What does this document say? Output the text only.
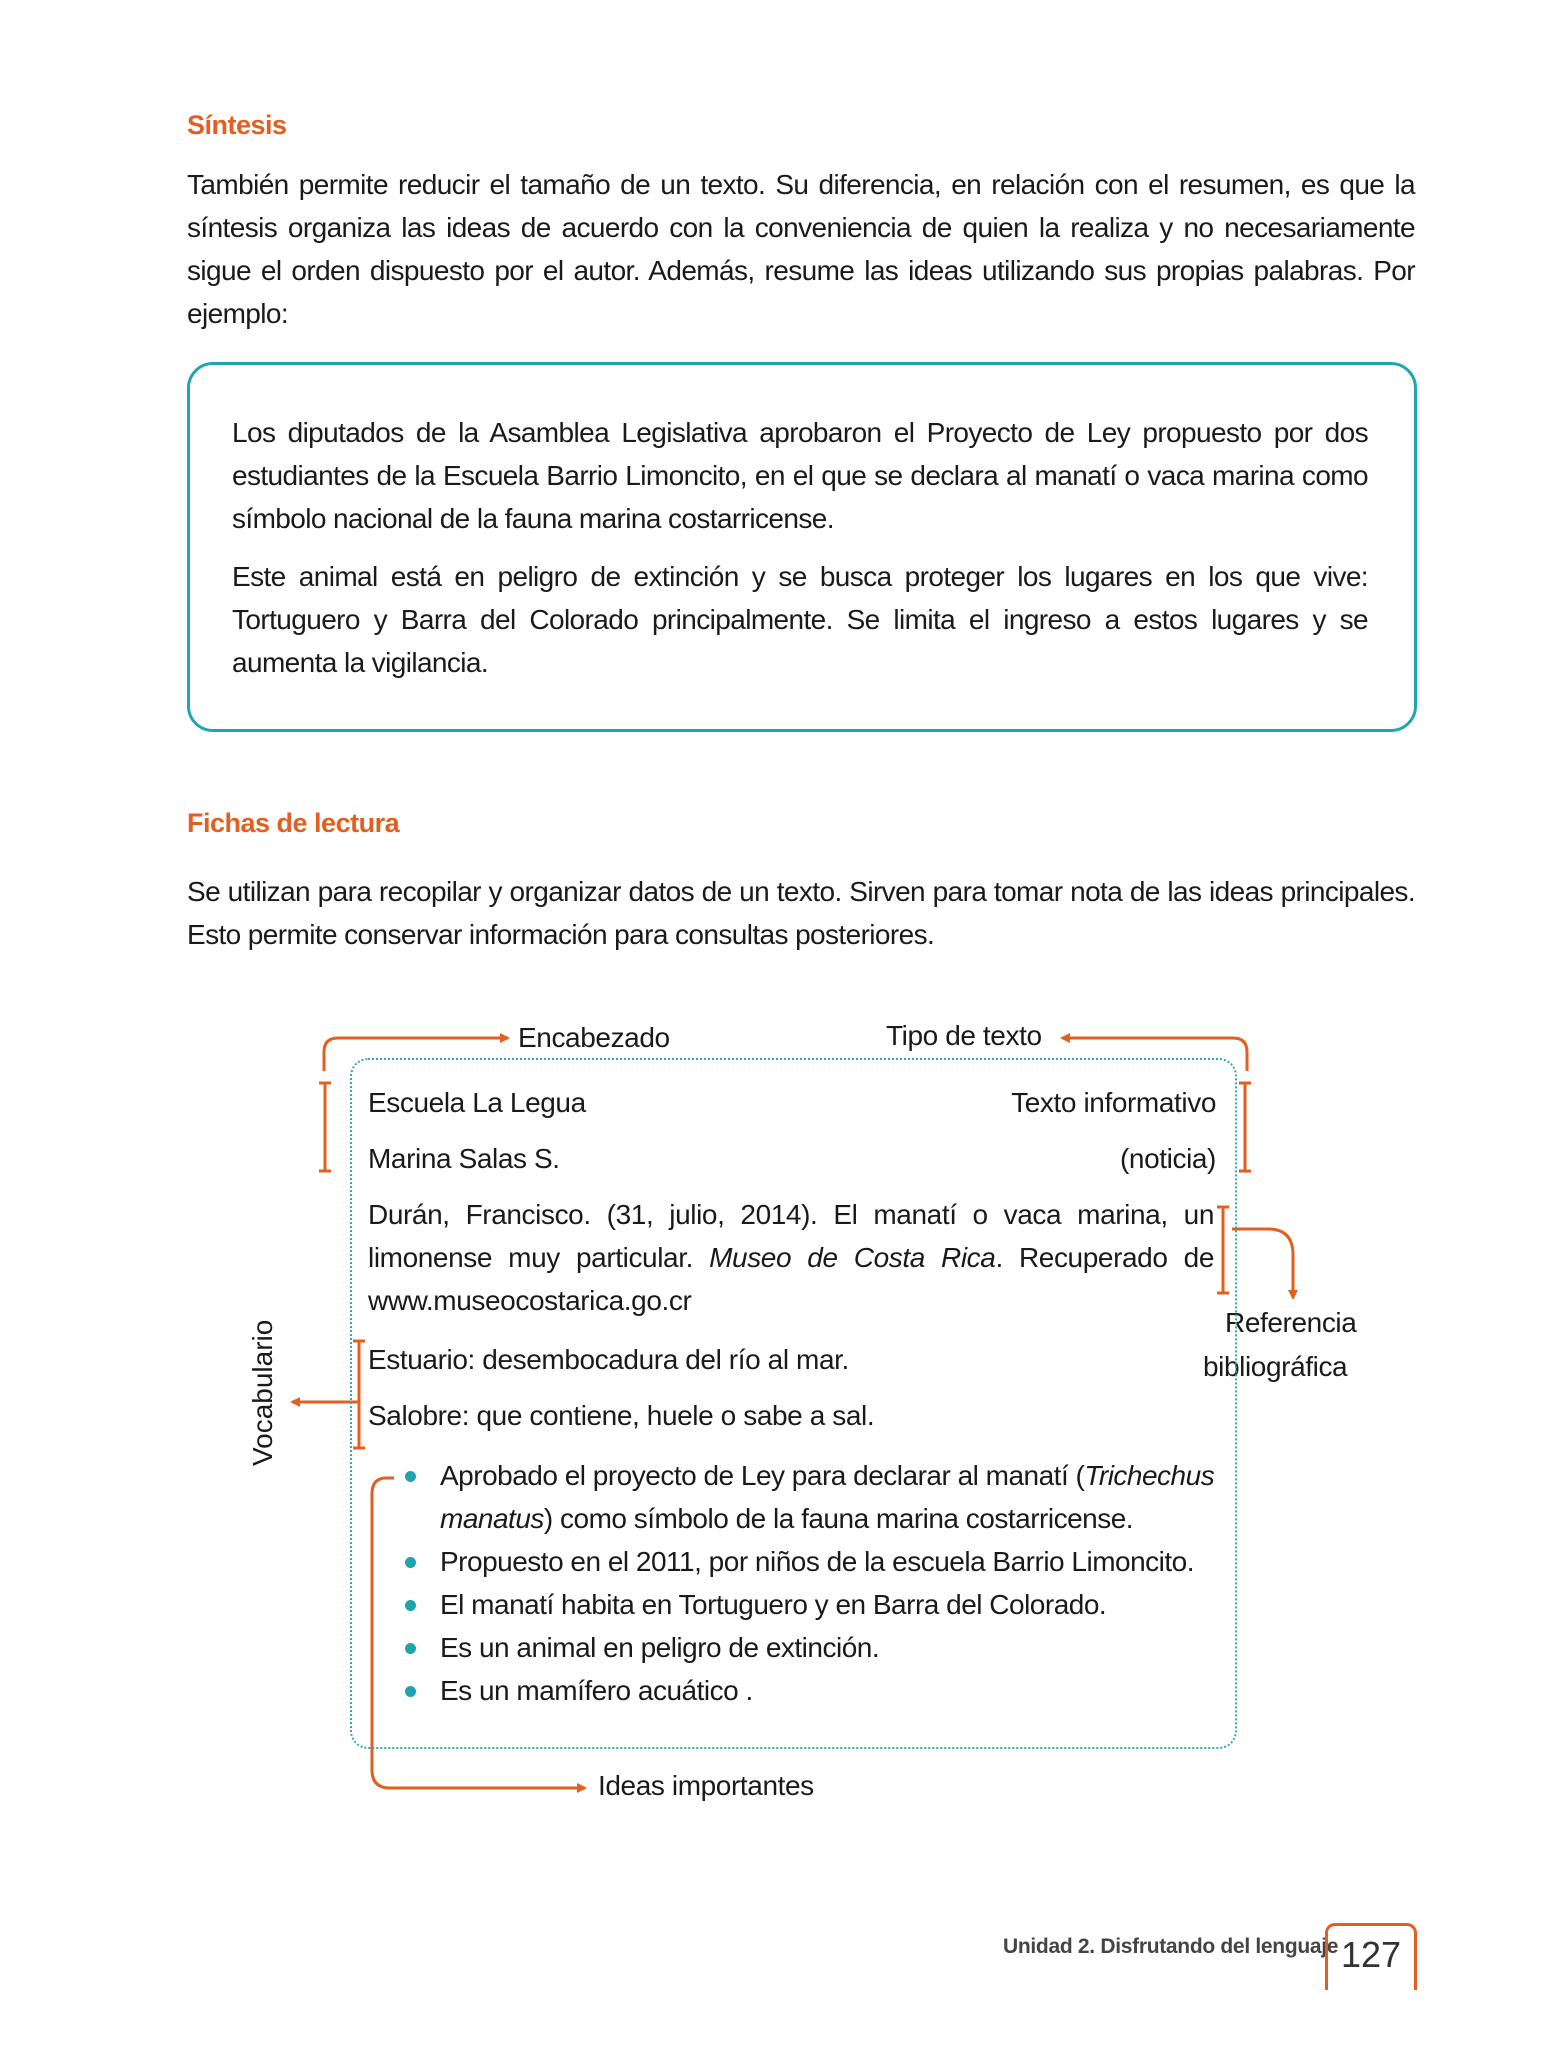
Síntesis
También permite reducir el tamaño de un texto. Su diferencia, en relación con el resumen, es que la síntesis organiza las ideas de acuerdo con la conveniencia de quien la realiza y no necesariamente sigue el orden dispuesto por el autor. Además, resume las ideas utilizando sus propias palabras. Por ejemplo:
Los diputados de la Asamblea Legislativa aprobaron el Proyecto de Ley propuesto por dos estudiantes de la Escuela Barrio Limoncito, en el que se declara al manatí o vaca marina como símbolo nacional de la fauna marina costarricense.
Este animal está en peligro de extinción y se busca proteger los lugares en los que vive: Tortuguero y Barra del Colorado principalmente. Se limita el ingreso a estos lugares y se aumenta la vigilancia.
Fichas de lectura
Se utilizan para recopilar y organizar datos de un texto. Sirven para tomar nota de las ideas principales. Esto permite conservar información para consultas posteriores.
Encabezado	Tipo de texto
Referencia
bibliográfica
Vocabulario
Ideas importantes
Escuela La Legua
Marina Salas S.
Texto informativo
(noticia)
Durán, Francisco. (31, julio, 2014). El manatí o vaca marina, un limonense muy particular. Museo de Costa Rica. Recuperado de www.museocostarica.go.cr
Estuario: desembocadura del río al mar.
Salobre: que contiene, huele o sabe a sal.
Aprobado el proyecto de Ley para declarar al manatí (Trichechus manatus) como símbolo de la fauna marina costarricense.
Propuesto en el 2011, por niños de la escuela Barrio Limoncito.
El manatí habita en Tortuguero y en Barra del Colorado.
Es un animal en peligro de extinción.
Es un mamífero acuático .
Unidad 2. Disfrutando del lenguaje 127
